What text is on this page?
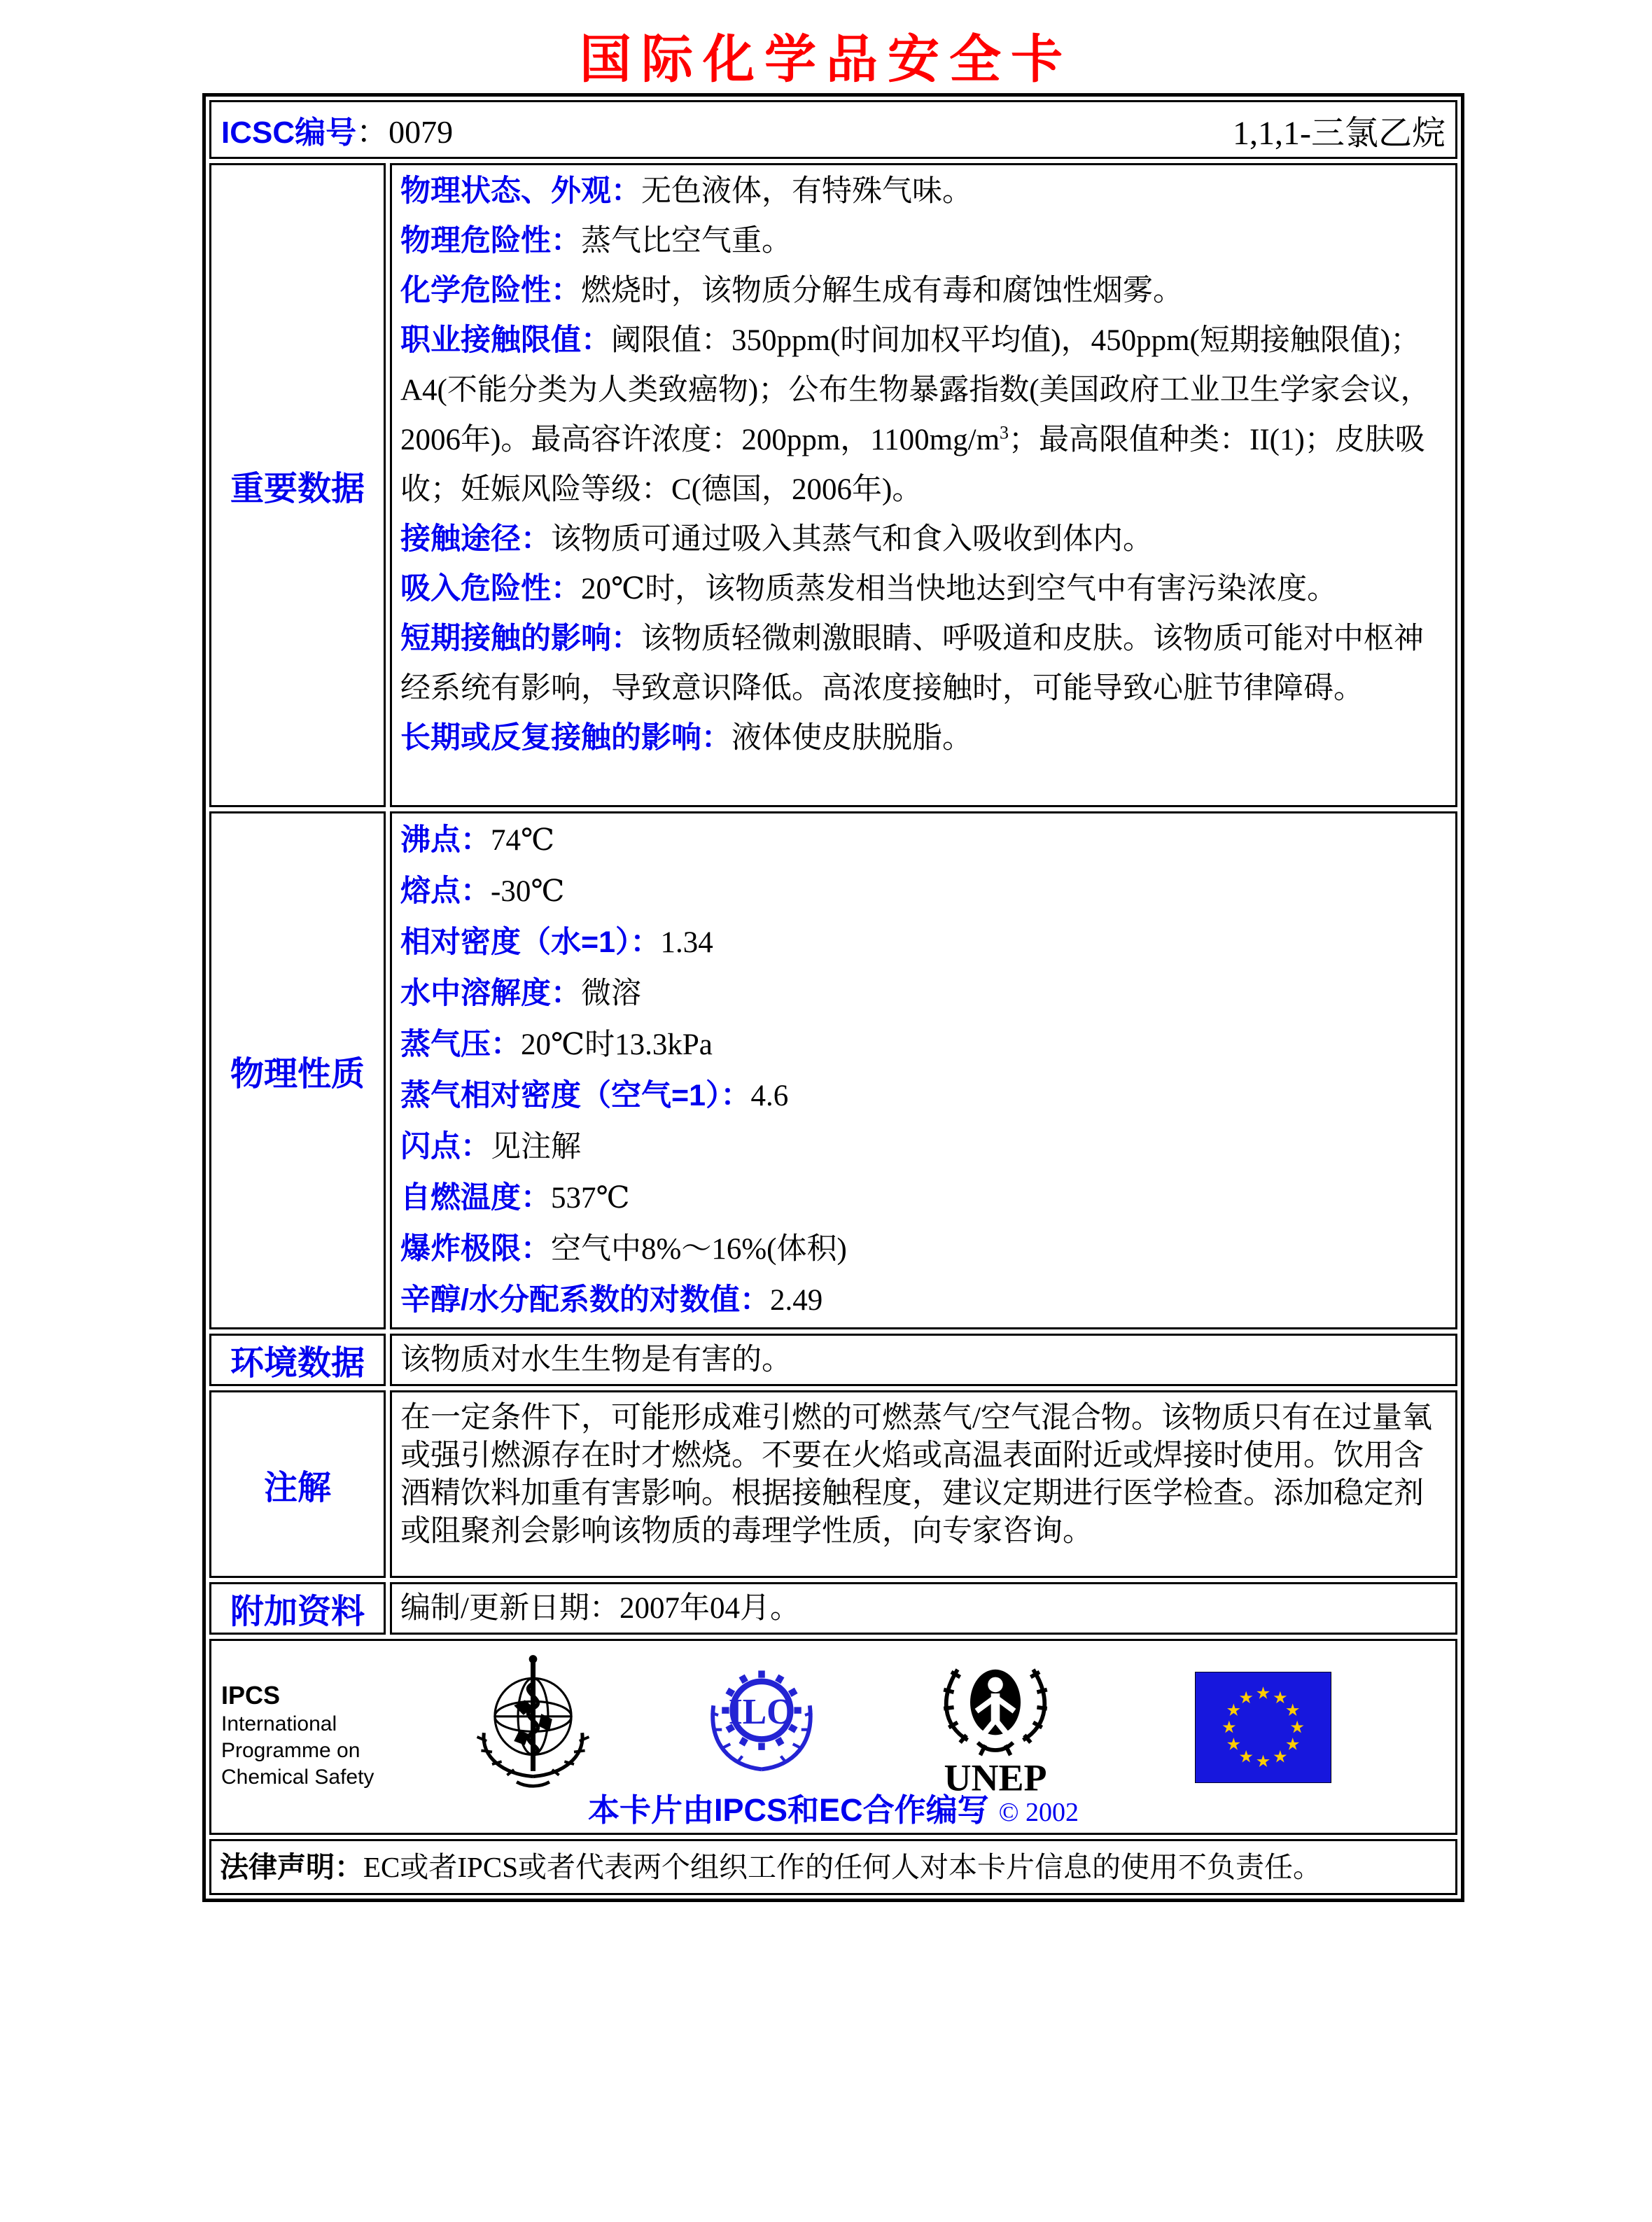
国际化学品安全卡
ICSC编号：0079	1,1,1-三氯乙烷
重要数据

物理状态、外观：无色液体，有特殊气味。

物理危险性：蒸气比空气重。

化学危险性：燃烧时，该物质分解生成有毒和腐蚀性烟雾。

职业接触限值：阈限值：350ppm(时间加权平均值)，450ppm(短期接触限值)；A4(不能分类为人类致癌物)；公布生物暴露指数(美国政府工业卫生学家会议，2006年)。最高容许浓度：200ppm，$1100mg/m^3$；最高限值种类：II(1)；皮肤吸收；妊娠风险等级：C(德国，2006年)。

接触途径：该物质可通过吸入其蒸气和食入吸收到体内。

吸入危险性：20℃时，该物质蒸发相当快地达到空气中有害污染浓度。

短期接触的影响：该物质轻微刺激眼睛、呼吸道和皮肤。该物质可能对中枢神经系统有影响，导致意识降低。高浓度接触时，可能导致心脏节律障碍。

长期或反复接触的影响：液体使皮肤脱脂。

物理性质

沸点：74℃

熔点：-30℃

相对密度（水=1）：1.34

水中溶解度：微溶

蒸气压：20℃时13.3kPa

蒸气相对密度（空气=1）：4.6

闪点：见注解

自燃温度：537℃

爆炸极限：空气中8%～16%(体积)

辛醇/水分配系数的对数值：2.49

环境数据	该物质对水生生物是有害的。
注解

在一定条件下，可能形成难引燃的可燃蒸气/空气混合物。该物质只有在过量氧或强引燃源存在时才燃烧。不要在火焰或高温表面附近或焊接时使用。饮用含酒精饮料加重有害影响。根据接触程度，建议定期进行医学检查。添加稳定剂或阻聚剂会影响该物质的毒理学性质，向专家咨询。

附加资料	编制/更新日期： 2007年04月。
IPCS
International
Programme on
Chemical Safety
ILO
UNEP
本卡片由IPCS和EC合作编写 © 2002
法律声明：EC或者IPCS或者代表两个组织工作的任何人对本卡片信息的使用不负责任。
